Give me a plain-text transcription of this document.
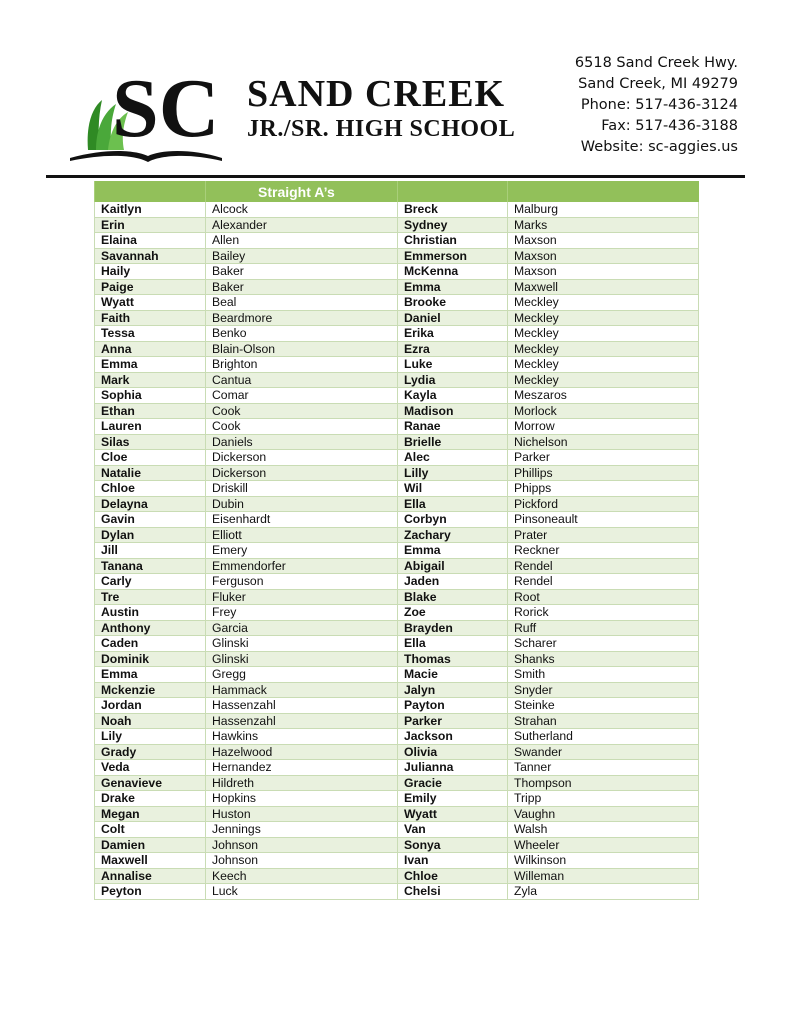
SC SAND CREEK
JR./SR. HIGH SCHOOL
6518 Sand Creek Hwy.
Sand Creek, MI 49279
Phone: 517-436-3124
Fax: 517-436-3188
Website: sc-aggies.us
	Straight A’s		
Kaitlyn	Alcock	Breck	Malburg
Erin	Alexander	Sydney	Marks
Elaina	Allen	Christian	Maxson
Savannah	Bailey	Emmerson	Maxson
Haily	Baker	McKenna	Maxson
Paige	Baker	Emma	Maxwell
Wyatt	Beal	Brooke	Meckley
Faith	Beardmore	Daniel	Meckley
Tessa	Benko	Erika	Meckley
Anna	Blain-Olson	Ezra	Meckley
Emma	Brighton	Luke	Meckley
Mark	Cantua	Lydia	Meckley
Sophia	Comar	Kayla	Meszaros
Ethan	Cook	Madison	Morlock
Lauren	Cook	Ranae	Morrow
Silas	Daniels	Brielle	Nichelson
Cloe	Dickerson	Alec	Parker
Natalie	Dickerson	Lilly	Phillips
Chloe	Driskill	Wil	Phipps
Delayna	Dubin	Ella	Pickford
Gavin	Eisenhardt	Corbyn	Pinsoneault
Dylan	Elliott	Zachary	Prater
Jill	Emery	Emma	Reckner
Tanana	Emmendorfer	Abigail	Rendel
Carly	Ferguson	Jaden	Rendel
Tre	Fluker	Blake	Root
Austin	Frey	Zoe	Rorick
Anthony	Garcia	Brayden	Ruff
Caden	Glinski	Ella	Scharer
Dominik	Glinski	Thomas	Shanks
Emma	Gregg	Macie	Smith
Mckenzie	Hammack	Jalyn	Snyder
Jordan	Hassenzahl	Payton	Steinke
Noah	Hassenzahl	Parker	Strahan
Lily	Hawkins	Jackson	Sutherland
Grady	Hazelwood	Olivia	Swander
Veda	Hernandez	Julianna	Tanner
Genavieve	Hildreth	Gracie	Thompson
Drake	Hopkins	Emily	Tripp
Megan	Huston	Wyatt	Vaughn
Colt	Jennings	Van	Walsh
Damien	Johnson	Sonya	Wheeler
Maxwell	Johnson	Ivan	Wilkinson
Annalise	Keech	Chloe	Willeman
Peyton	Luck	Chelsi	Zyla
